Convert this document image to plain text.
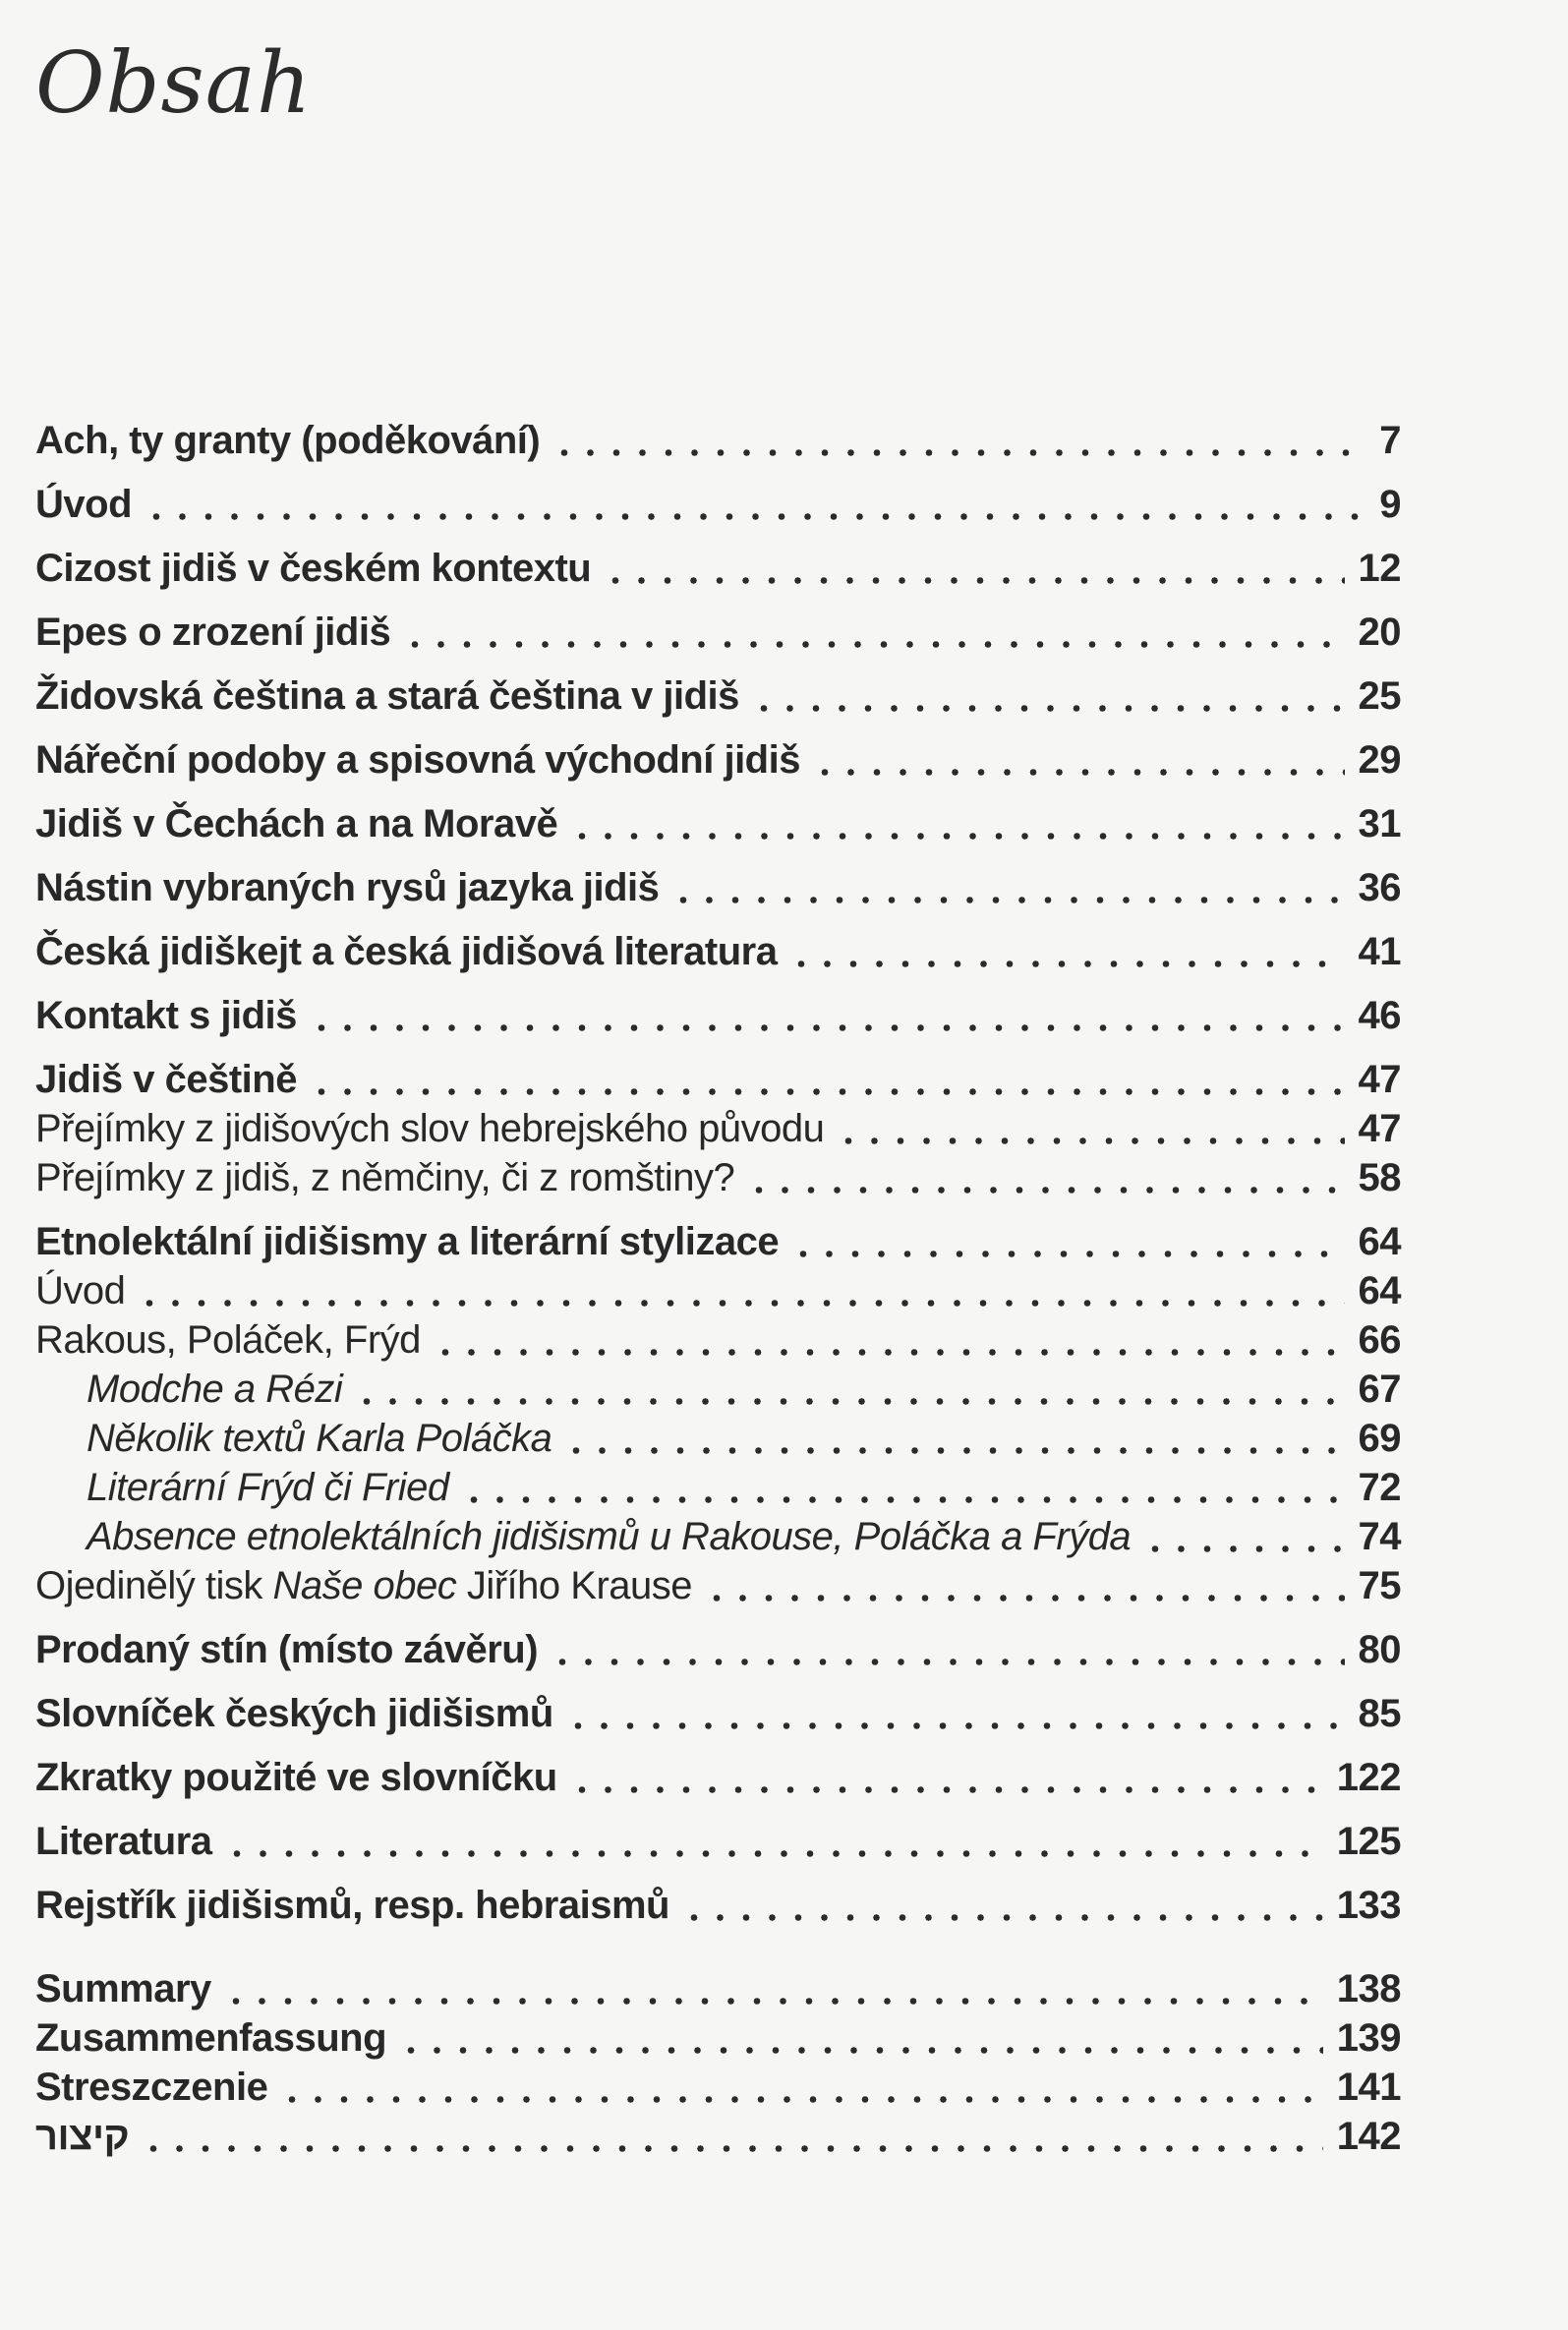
Obsah
Ach, ty granty (poděkování)	7
Úvod	9
Cizost jidiš v českém kontextu	12
Epes o zrození jidiš	20
Židovská čeština a stará čeština v jidiš	25
Nářeční podoby a spisovná východní jidiš	29
Jidiš v Čechách a na Moravě	31
Nástin vybraných rysů jazyka jidiš	36
Česká jidiškejt a česká jidišová literatura	41
Kontakt s jidiš	46
Jidiš v češtině	47
Přejímky z jidišových slov hebrejského původu	47
Přejímky z jidiš, z němčiny, či z romštiny?	58
Etnolektální jidišismy a literární stylizace	64
Úvod	64
Rakous, Poláček, Frýd	66
Modche a Rézi	67
Několik textů Karla Poláčka	69
Literární Frýd či Fried	72
Absence etnolektálních jidišismů u Rakouse, Poláčka a Frýda	74
Ojedinělý tisk Naše obec Jiřího Krause	75
Prodaný stín (místo závěru)	80
Slovníček českých jidišismů	85
Zkratky použité ve slovníčku	122
Literatura	125
Rejstřík jidišismů, resp. hebraismů	133
Summary	138
Zusammenfassung	139
Streszczenie	141
קיצור	142
